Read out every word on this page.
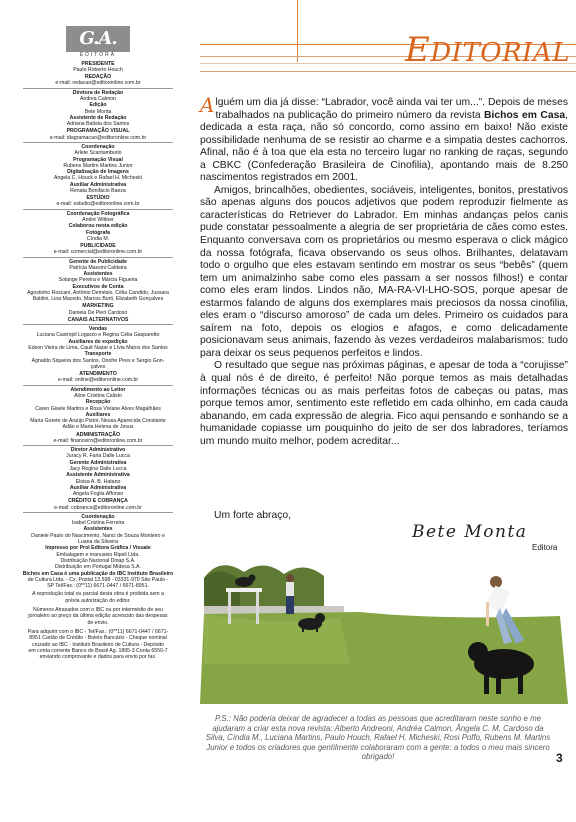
G.A.
EDITORA
PRESIDENTE
Paulo Roberto Houch
REDAÇÃO
e-mail: redacao@editoronline.com.br
Diretora de Redação
Andrea Calmon
Edição
Bete Monta
Assistente de Redação
Adriana Batista dos Santos
PROGRAMAÇÃO VISUAL
e-mail: diagramacao@editoronline.com.br
Coordenação
Arlete Scantamburlo
Programação Visual
Rubens Martim Martins Junior
Digitalização de Imagens
Angela C. Houck e Rafael H. Micheski
Auxiliar Administrativa
Renata Bonifácio Baeza
ESTÚDIO
e-mail: estudio@editoronline.com.br
Coordenação Fotográfica
André Wittner
Colaborou nesta edição
Fotógrafa
Cíndia M.
PUBLICIDADE
e-mail: comercial@editoronline.com.br
Gerente de Publicidade
Patrícia Massini Caldeira
Assistentes
Solange Pereira e Márcia Figueira
Executivos de Conta
Agostinho Roscani, Antônio Demésio, Célia Candido, Jussara
Baldini, Lina Macedo, Marcos Burti, Elizabeth Gonçalves
MARKETING
Daniela De Pieri Cardoso
CANAIS ALTERNATIVOS
Vendas
Luciana Castropil Logarzo e Regina Célia Gasparetto
Auxiliares de expedição
Edson Vieira de Lima, Cauê Nazar e Lívia Matos dos Santos
Transporte
Agnaldo Siqueira dos Santos, Onofre Pires e Sergio Gon-
çalves
ATENDIMENTO
e-mail: online@editoronline.com.br
Atendimento ao Leitor
Aline Cristina Calixto
Recepção
Caren Gisele Martins e Rosa Viviane Alves Magalhães
Auxiliares
Maria Gorete de Araújo Pistor, Neusa Aparecida Constante
Adão e Maria Helena de Jesus
ADMINISTRAÇÃO
e-mail: financeiro@editoronline.com.br
Diretor Administrativo
Juracy R. Faria Dalle Lucca
Gerente Administrativa
Jacy Regina Dalle Lucca
Assistente Administrativa
Eloisa A. B. Hatano
Auxiliar Administrativa
Angela Foglia Affonso
CRÉDITO E COBRANÇA
e-mail: cobranca@editoronline.com.br
Coordenação
Isabel Cristina Ferreira
Assistentes
Daniele Paulo do Nascimento, Nanci de Souza Monteiro e
Luana da Silveira
Impresso por Prol Editora Gráfica / Visuale
Embalagem e manuseio Ripeli Ltda.
Distribuição Nacional Dinap S.A.
Distribuição em Portugal Midesa S.A.
Bichos em Casa é uma publicação do IBC Instituto Brasileiro
de Cultura Ltda. - Cx. Postal 13.598 - 03331-970 São Paulo -
SP Tel/Fax.: (0**11) 6671-0447 / 6671-8951.
A reprodução total ou parcial desta obra é proibida sem a
prévia autorização do editor.
Números Atrasados com o IBC ou por intermédio de seu
jornaleiro ao preço da última edição acrescido das despesas
de envio.
Para adquirir com o IBC - Tel/Fax.: (0**11) 6671-0447 / 6671-
8951 Cartão de Crédito - Boleto Bancário - Cheque nominal
cruzado ao IBC - Instituto Brasileiro de Cultura - Depósito
em conta corrente Banco do Brasil Ag. 1895-3 Conta 6550-7
enviando comprovante e dados para envio por fax.
EDITORIAL

Alguém um dia já disse: “Labrador, você ainda vai ter um...”. Depois de meses trabalhados na publicação do primeiro número da revista Bichos em Casa, dedicada a esta raça, não só concordo, como assino em baixo! Não existe possibilidade nenhuma de se resistir ao charme e a simpatia destes cachorros. Afinal, não é à toa que ela esta no terceiro lugar no ranking de raças, segundo a CBKC (Confederação Brasileira de Cinofilia), apontando mais de 8.250 nascimentos registrados em 2001.

Amigos, brincalhões, obedientes, sociáveis, inteligentes, bonitos, prestativos são apenas alguns dos poucos adjetivos que podem reproduzir fielmente as características do Retriever do Labrador. Em minhas andanças pelos canis pude constatar pessoalmente a alegria de ser proprietária de cães como estes. Enquanto conversava com os proprietários ou mesmo esperava o click mágico da nossa fotógrafa, ficava observando os seus olhos. Brilhantes, delatavam todo o orgulho que eles estavam sentindo em mostrar os seus “bebês” (quem tem um animalzinho sabe como eles passam a ser nossos filhos!) e contar como eles eram lindos. Lindos não, MA-RA-VI-LHO-SOS, porque apesar de estarmos falando de alguns dos exemplares mais preciosos da nossa cinofilia, eles eram o “discurso amoroso” de cada um deles. Primeiro os cuidados para saírem na foto, depois os elogios e afagos, e como delicadamente posicionavam seus animais, fazendo às vezes verdadeiros malabarismos: tudo para deixar os seus pequenos perfeitos e lindos.

O resultado que segue nas próximas páginas, e apesar de toda a “corujisse” à qual nós é de direito, é perfeito! Não porque temos as mais detalhadas informações técnicas ou as mais perfeitas fotos de cabeças ou patas, mas porque temos amor, sentimento este refletido em cada olhinho, em cada cauda abanando, em cada expressão de alegria. Fico aqui pensando e sonhando se a humanidade copiasse um pouquinho do jeito de ser dos labradores, teríamos um mundo muito melhor, podem acreditar...

Um forte abraço,
Bete Monta
Editora
P.S.: Não poderia deixar de agradecer a todas as pessoas que acreditaram neste sonho e me ajudaram a criar esta nova revista: Alberto Andreoni, Andréa Calmon, Ângela C. M. Cardoso da Silva, Cíndia M., Luciana Martins, Paulo Houch, Rafael H. Micheski, Rosi Poffo, Rubens M. Martins Junior e todos os criadores que gentilmente colaboraram com a gente: a todos o meu mais sincero obrigado!	3
